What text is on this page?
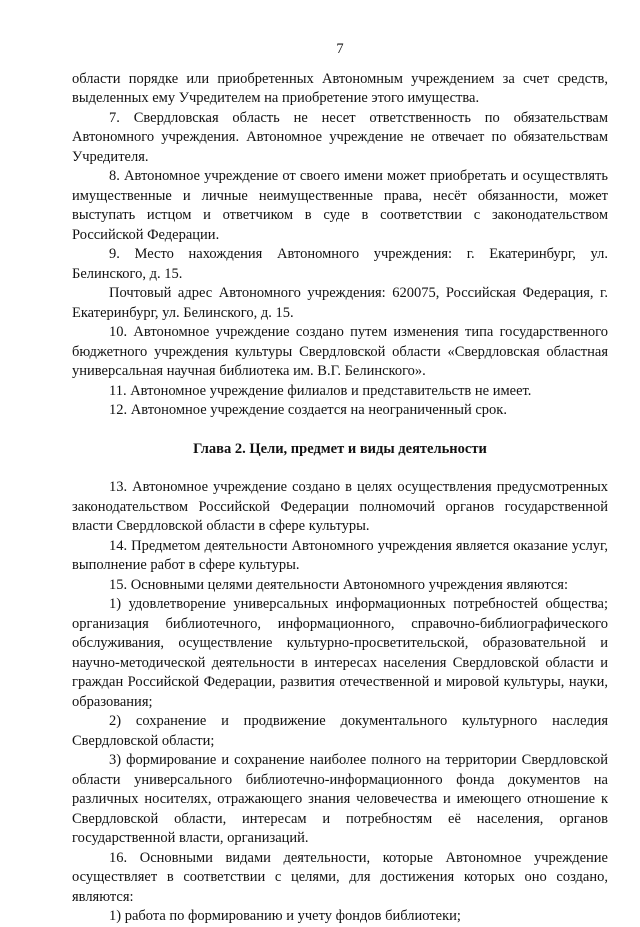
7

области порядке или приобретенных Автономным учреждением за счет средств, выделенных ему Учредителем на приобретение этого имущества.

7. Свердловская область не несет ответственность по обязательствам Автономного учреждения. Автономное учреждение не отвечает по обязательствам Учредителя.

8. Автономное учреждение от своего имени может приобретать и осуществлять имущественные и личные неимущественные права, несёт обязанности, может выступать истцом и ответчиком в суде в соответствии с законодательством Российской Федерации.

9. Место нахождения Автономного учреждения: г. Екатеринбург, ул. Белинского, д. 15.

Почтовый адрес Автономного учреждения: 620075, Российская Федерация, г. Екатеринбург, ул. Белинского, д. 15.

10. Автономное учреждение создано путем изменения типа государственного бюджетного учреждения культуры Свердловской области «Свердловская областная универсальная научная библиотека им. В.Г. Белинского».

11. Автономное учреждение филиалов и представительств не имеет.

12. Автономное учреждение создается на неограниченный срок.

Глава 2. Цели, предмет и виды деятельности

13. Автономное учреждение создано в целях осуществления предусмотренных законодательством Российской Федерации полномочий органов государственной власти Свердловской области в сфере культуры.

14. Предметом деятельности Автономного учреждения является оказание услуг, выполнение работ в сфере культуры.

15. Основными целями деятельности Автономного учреждения являются:

1) удовлетворение универсальных информационных потребностей общества; организация библиотечного, информационного, справочно-библиографического обслуживания, осуществление культурно-просветительской, образовательной и научно-методической деятельности в интересах населения Свердловской области и граждан Российской Федерации, развития отечественной и мировой культуры, науки, образования;

2) сохранение и продвижение документального культурного наследия Свердловской области;

3) формирование и сохранение наиболее полного на территории Свердловской области универсального библиотечно-информационного фонда документов на различных носителях, отражающего знания человечества и имеющего отношение к Свердловской области, интересам и потребностям её населения, органов государственной власти, организаций.

16. Основными видами деятельности, которые Автономное учреждение осуществляет в соответствии с целями, для достижения которых оно создано, являются:

1) работа по формированию и учету фондов библиотеки;
